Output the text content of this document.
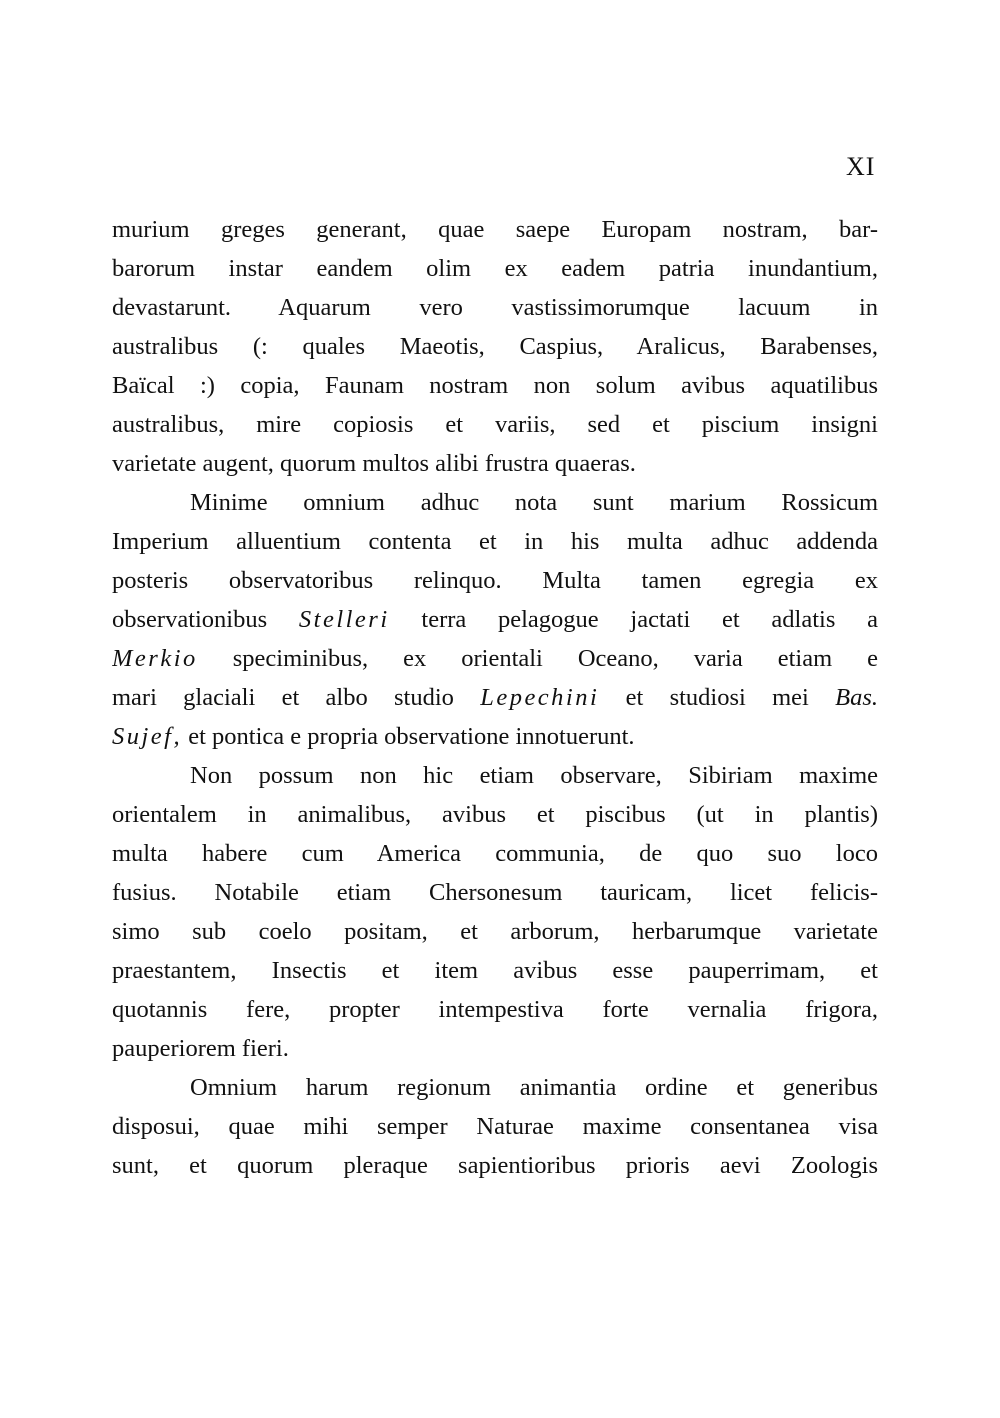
XI
murium greges generant, quae saepe Europam nostram, bar-
barorum instar eandem olim ex eadem patria inundantium,
devastarunt. Aquarum vero vastissimorumque lacuum in
australibus (: quales Maeotis, Caspius, Aralicus, Barabenses,
Baïcal :) copia, Faunam nostram non solum avibus aquatilibus
australibus, mire copiosis et variis, sed et piscium insigni
varietate augent, quorum multos alibi frustra quaeras.
Minime omnium adhuc nota sunt marium Rossicum
Imperium alluentium contenta et in his multa adhuc addenda
posteris observatoribus relinquo. Multa tamen egregia ex
observationibus Stelleri terra pelagogue jactati et adlatis a
Merkio speciminibus, ex orientali Oceano, varia etiam e
mari glaciali et albo studio Lepechini et studiosi mei Bas.
Sujef, et pontica e propria observatione innotuerunt.
Non possum non hic etiam observare, Sibiriam maxime
orientalem in animalibus, avibus et piscibus (ut in plantis)
multa habere cum America communia, de quo suo loco
fusius. Notabile etiam Chersonesum tauricam, licet felicis-
simo sub coelo positam, et arborum, herbarumque varietate
praestantem, Insectis et item avibus esse pauperrimam, et
quotannis fere, propter intempestiva forte vernalia frigora,
pauperiorem fieri.
Omnium harum regionum animantia ordine et generibus
disposui, quae mihi semper Naturae maxime consentanea visa
sunt, et quorum pleraque sapientioribus prioris aevi Zoologis
